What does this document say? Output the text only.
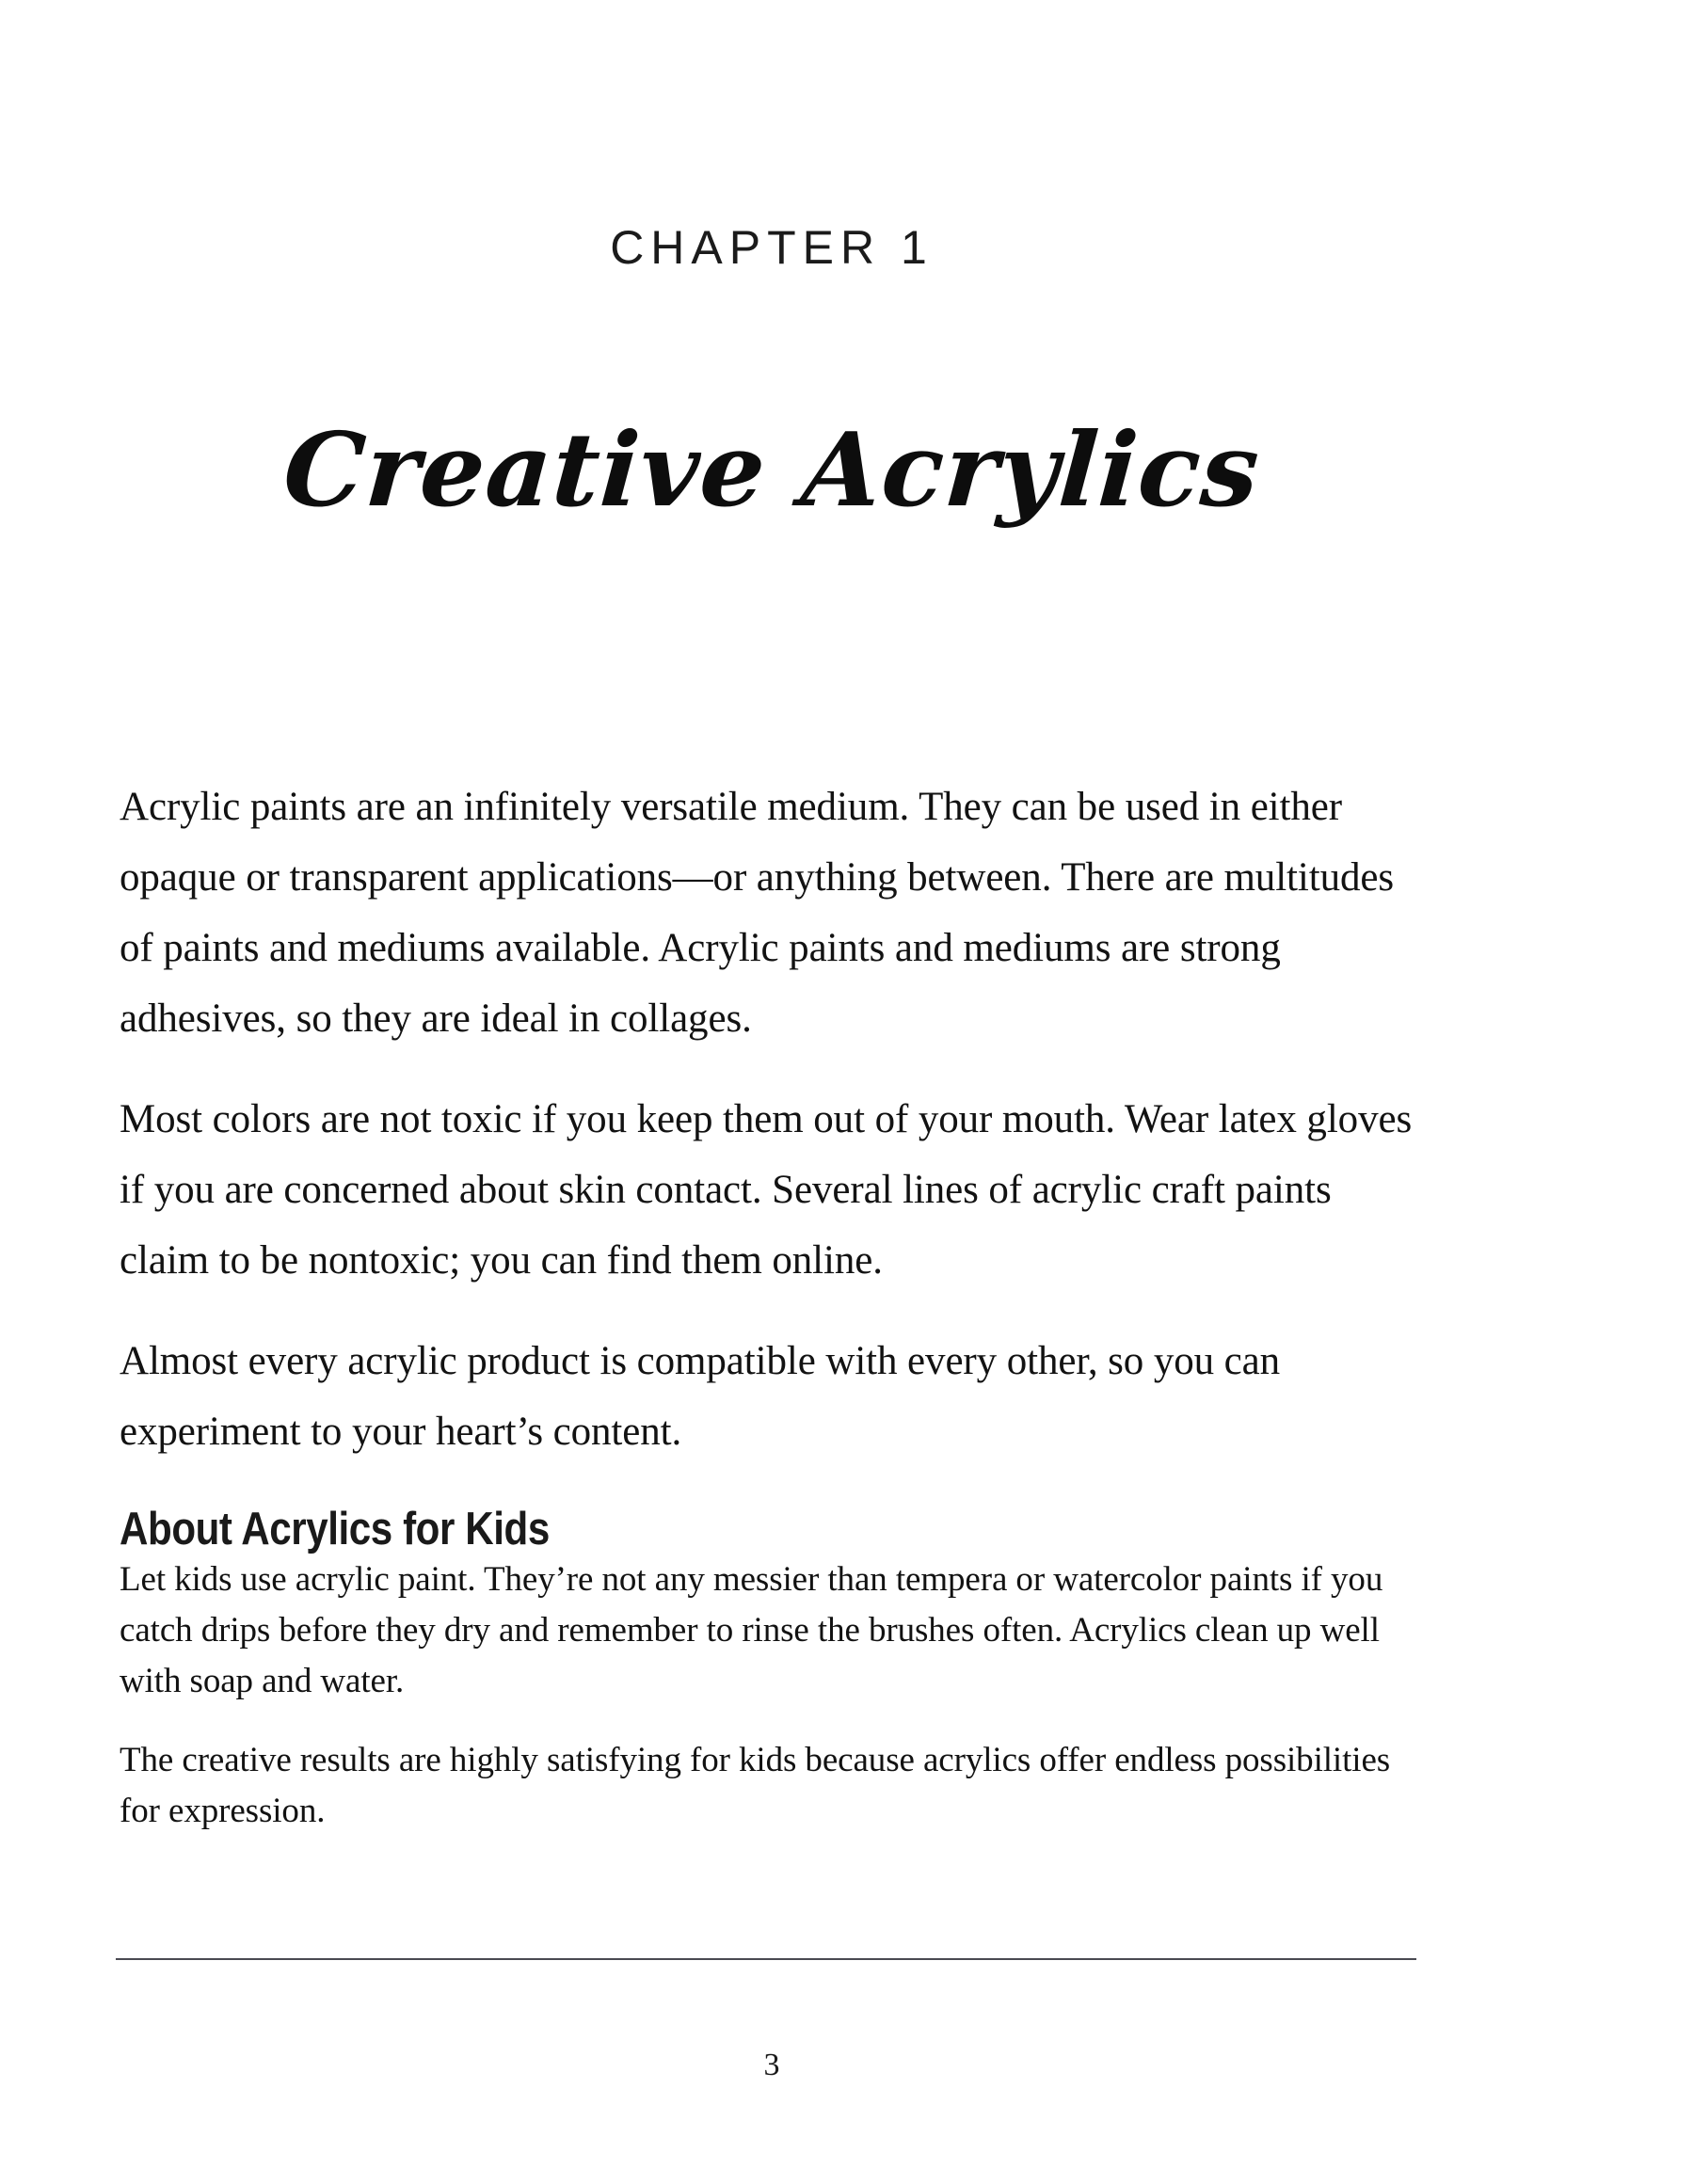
CHAPTER 1
Creative Acrylics

Acrylic paints are an infinitely versatile medium. They can be used in either opaque or transparent applications—or anything between. There are multitudes of paints and mediums available. Acrylic paints and mediums are strong adhesives, so they are ideal in collages.

Most colors are not toxic if you keep them out of your mouth. Wear latex gloves if you are concerned about skin contact. Several lines of acrylic craft paints claim to be nontoxic; you can find them online.

Almost every acrylic product is compatible with every other, so you can experiment to your heart’s content.

About Acrylics for Kids

Let kids use acrylic paint. They’re not any messier than tempera or watercolor paints if you catch drips before they dry and remember to rinse the brushes often. Acrylics clean up well with soap and water.

The creative results are highly satisfying for kids because acrylics offer endless possibilities for expression.

3
